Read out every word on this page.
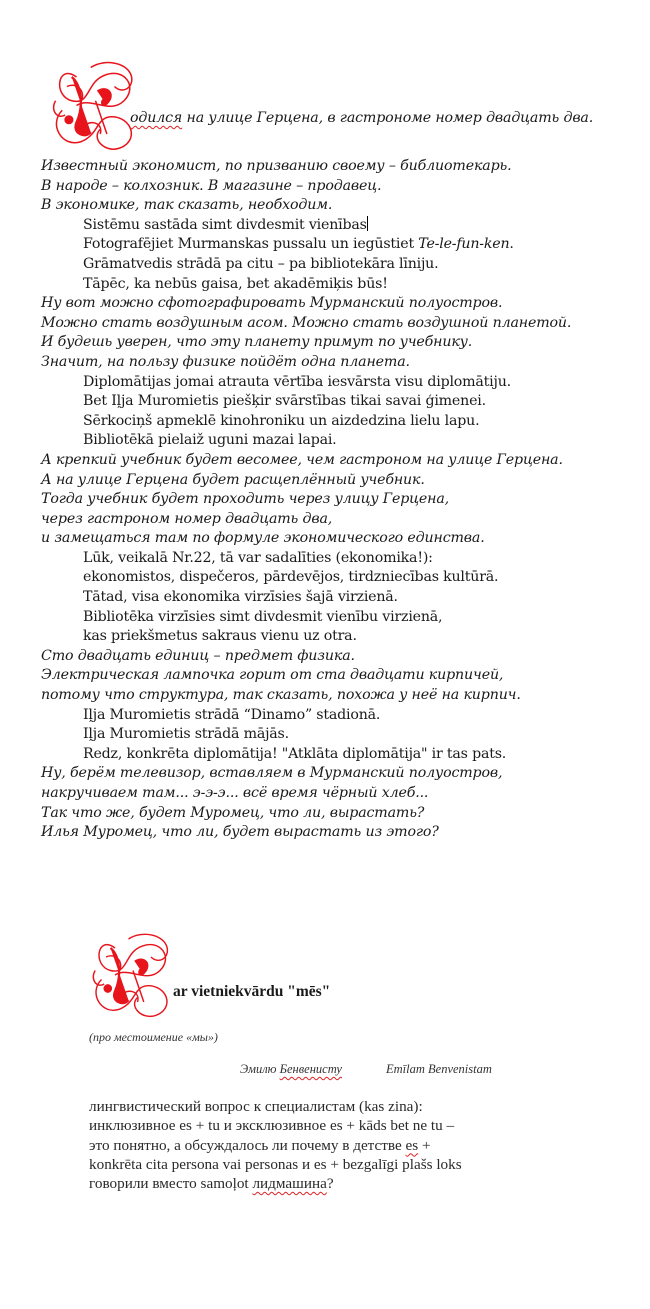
одился на улице Герцена, в гастрономе номер двадцать два.
Известный экономист, по призванию своему – библиотекарь.
В народе – колхозник. В магазине – продавец.
В экономике, так сказать, необходим.
Sistēmu sastāda simt divdesmit vienības
Fotografējiet Murmanskas pussalu un iegūstiet Te-le-fun-ken.
Grāmatvedis strādā pa citu – pa bibliotekāra līniju.
Tāpēc, ka nebūs gaisa, bet akadēmiķis būs!
Ну вот можно сфотографировать Мурманский полуостров.
Можно стать воздушным асом. Можно стать воздушной планетой.
И будешь уверен, что эту планету примут по учебнику.
Значит, на пользу физике пойдёт одна планета.
Diplomātijas jomai atrauta vērtība iesvārsta visu diplomātiju.
Bet Iļja Muromietis piešķir svārstības tikai savai ģimenei.
Sērkociņš apmeklē kinohroniku un aizdedzina lielu lapu.
Bibliotēkā pielaiž uguni mazai lapai.
А крепкий учебник будет весомее, чем гастроном на улице Герцена.
А на улице Герцена будет расщеплённый учебник.
Тогда учебник будет проходить через улицу Герцена,
через гастроном номер двадцать два,
и замещаться там по формуле экономического единства.
Lūk, veikalā Nr.22, tā var sadalīties (ekonomika!):
ekonomistos, dispečeros, pārdevējos, tirdzniecības kultūrā.
Tātad, visa ekonomika virzīsies šajā virzienā.
Bibliotēka virzīsies simt divdesmit vienību virzienā,
kas priekšmetus sakraus vienu uz otra.
Сто двадцать единиц – предмет физика.
Электрическая лампочка горит от ста двадцати кирпичей,
потому что структура, так сказать, похожа у неё на кирпич.
Iļja Muromietis strādā “Dinamo” stadionā.
Iļja Muromietis strādā mājās.
Redz, konkrēta diplomātija! "Atklāta diplomātija" ir tas pats.
Ну, берём телевизор, вставляем в Мурманский полуостров,
накручиваем там... э-э-э... всё время чёрный хлеб...
Так что же, будет Муромец, что ли, вырастать?
Илья Муромец, что ли, будет вырастать из этого?
ar vietniekvārdu "mēs"
(про местоимение «мы»)
Эмилю Бенвенисту	Emīlam Benvenistam
лингвистический вопрос к специалистам (kas zina):
инклюзивное es + tu и эксклюзивное es + kāds bet ne tu –
это понятно, а обсуждалось ли почему в детстве es +
konkrēta cita persona vai personas и es + bezgalīgi plašs loks
говорили вместо samoļot лидмашина?
